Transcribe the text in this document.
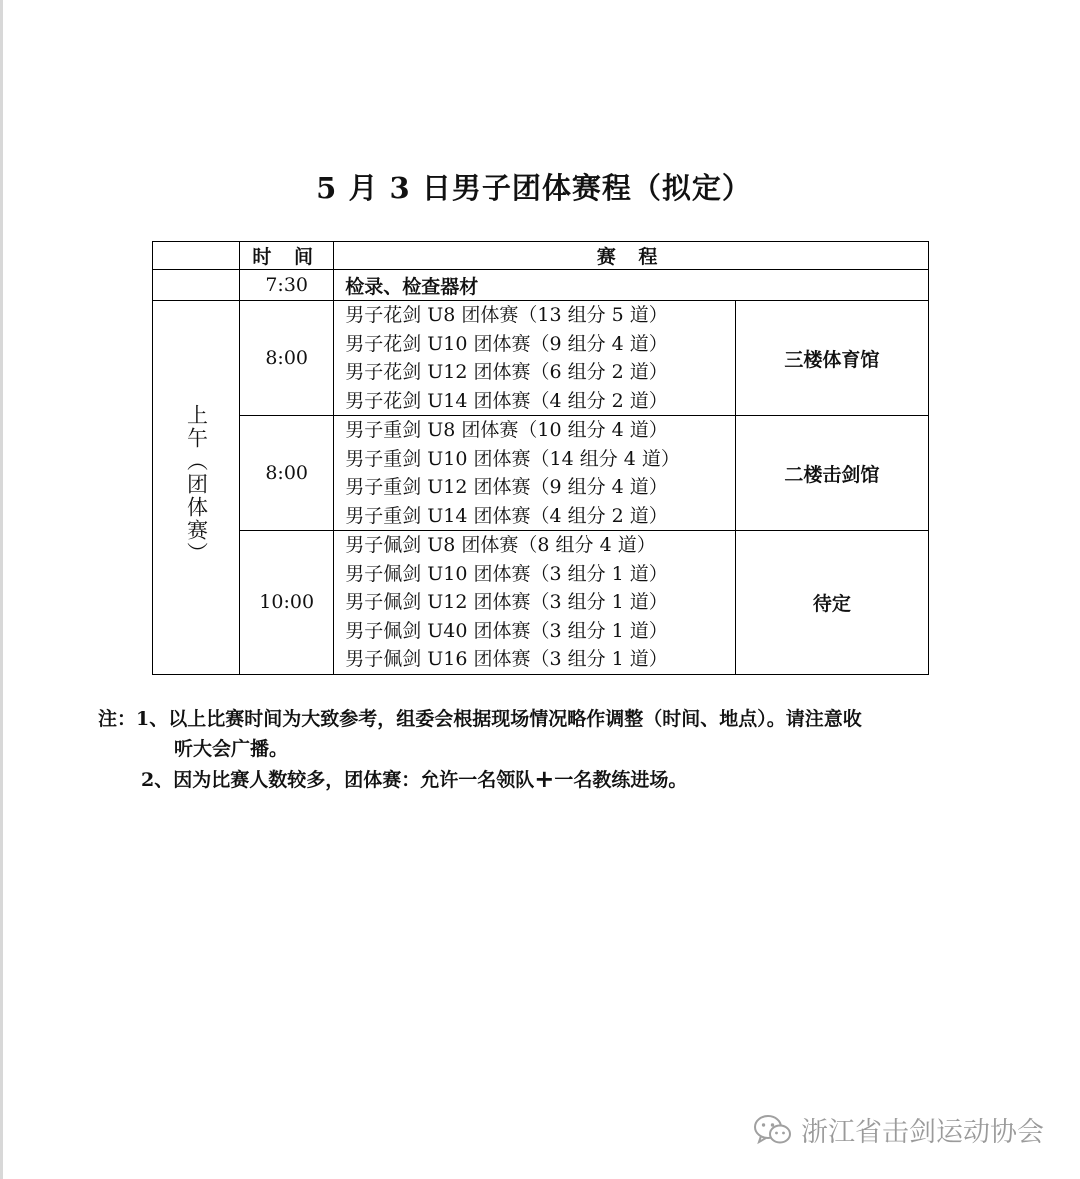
5 月 3 日男子团体赛程（拟定）
	时 间	赛 程	
	7:30	检录、检查器材	
上午（团体赛）	8:00	男子花剑 U8 团体赛（13 组分 5 道）
男子花剑 U10 团体赛（9 组分 4 道）
男子花剑 U12 团体赛（6 组分 2 道）
男子花剑 U14 团体赛（4 组分 2 道）	三楼体育馆
	8:00	男子重剑 U8 团体赛（10 组分 4 道）
男子重剑 U10 团体赛（14 组分 4 道）
男子重剑 U12 团体赛（9 组分 4 道）
男子重剑 U14 团体赛（4 组分 2 道）	二楼击剑馆
	10:00	男子佩剑 U8 团体赛（8 组分 4 道）
男子佩剑 U10 团体赛（3 组分 1 道）
男子佩剑 U12 团体赛（3 组分 1 道）
男子佩剑 U40 团体赛（3 组分 1 道）
男子佩剑 U16 团体赛（3 组分 1 道）	待定
注：1、以上比赛时间为大致参考，组委会根据现场情况略作调整（时间、地点）。请注意收
听大会广播。
2、因为比赛人数较多，团体赛：允许一名领队+一名教练进场。
浙江省击剑运动协会
